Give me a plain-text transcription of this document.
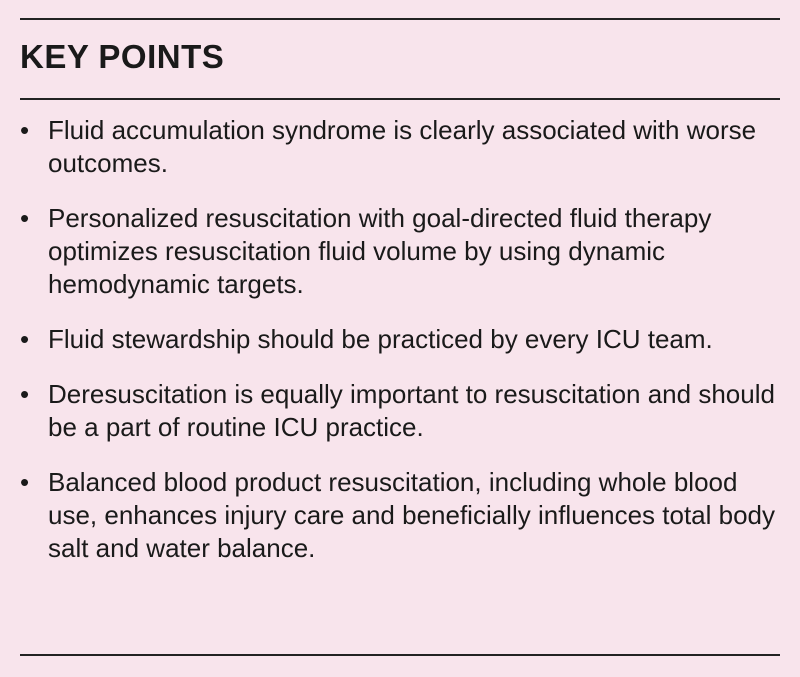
KEY POINTS
• Fluid accumulation syndrome is clearly associated with worse outcomes.
• Personalized resuscitation with goal-directed fluid therapy optimizes resuscitation fluid volume by using dynamic hemodynamic targets.
• Fluid stewardship should be practiced by every ICU team.
• Deresuscitation is equally important to resuscitation and should be a part of routine ICU practice.
• Balanced blood product resuscitation, including whole blood use, enhances injury care and beneficially influences total body salt and water balance.
